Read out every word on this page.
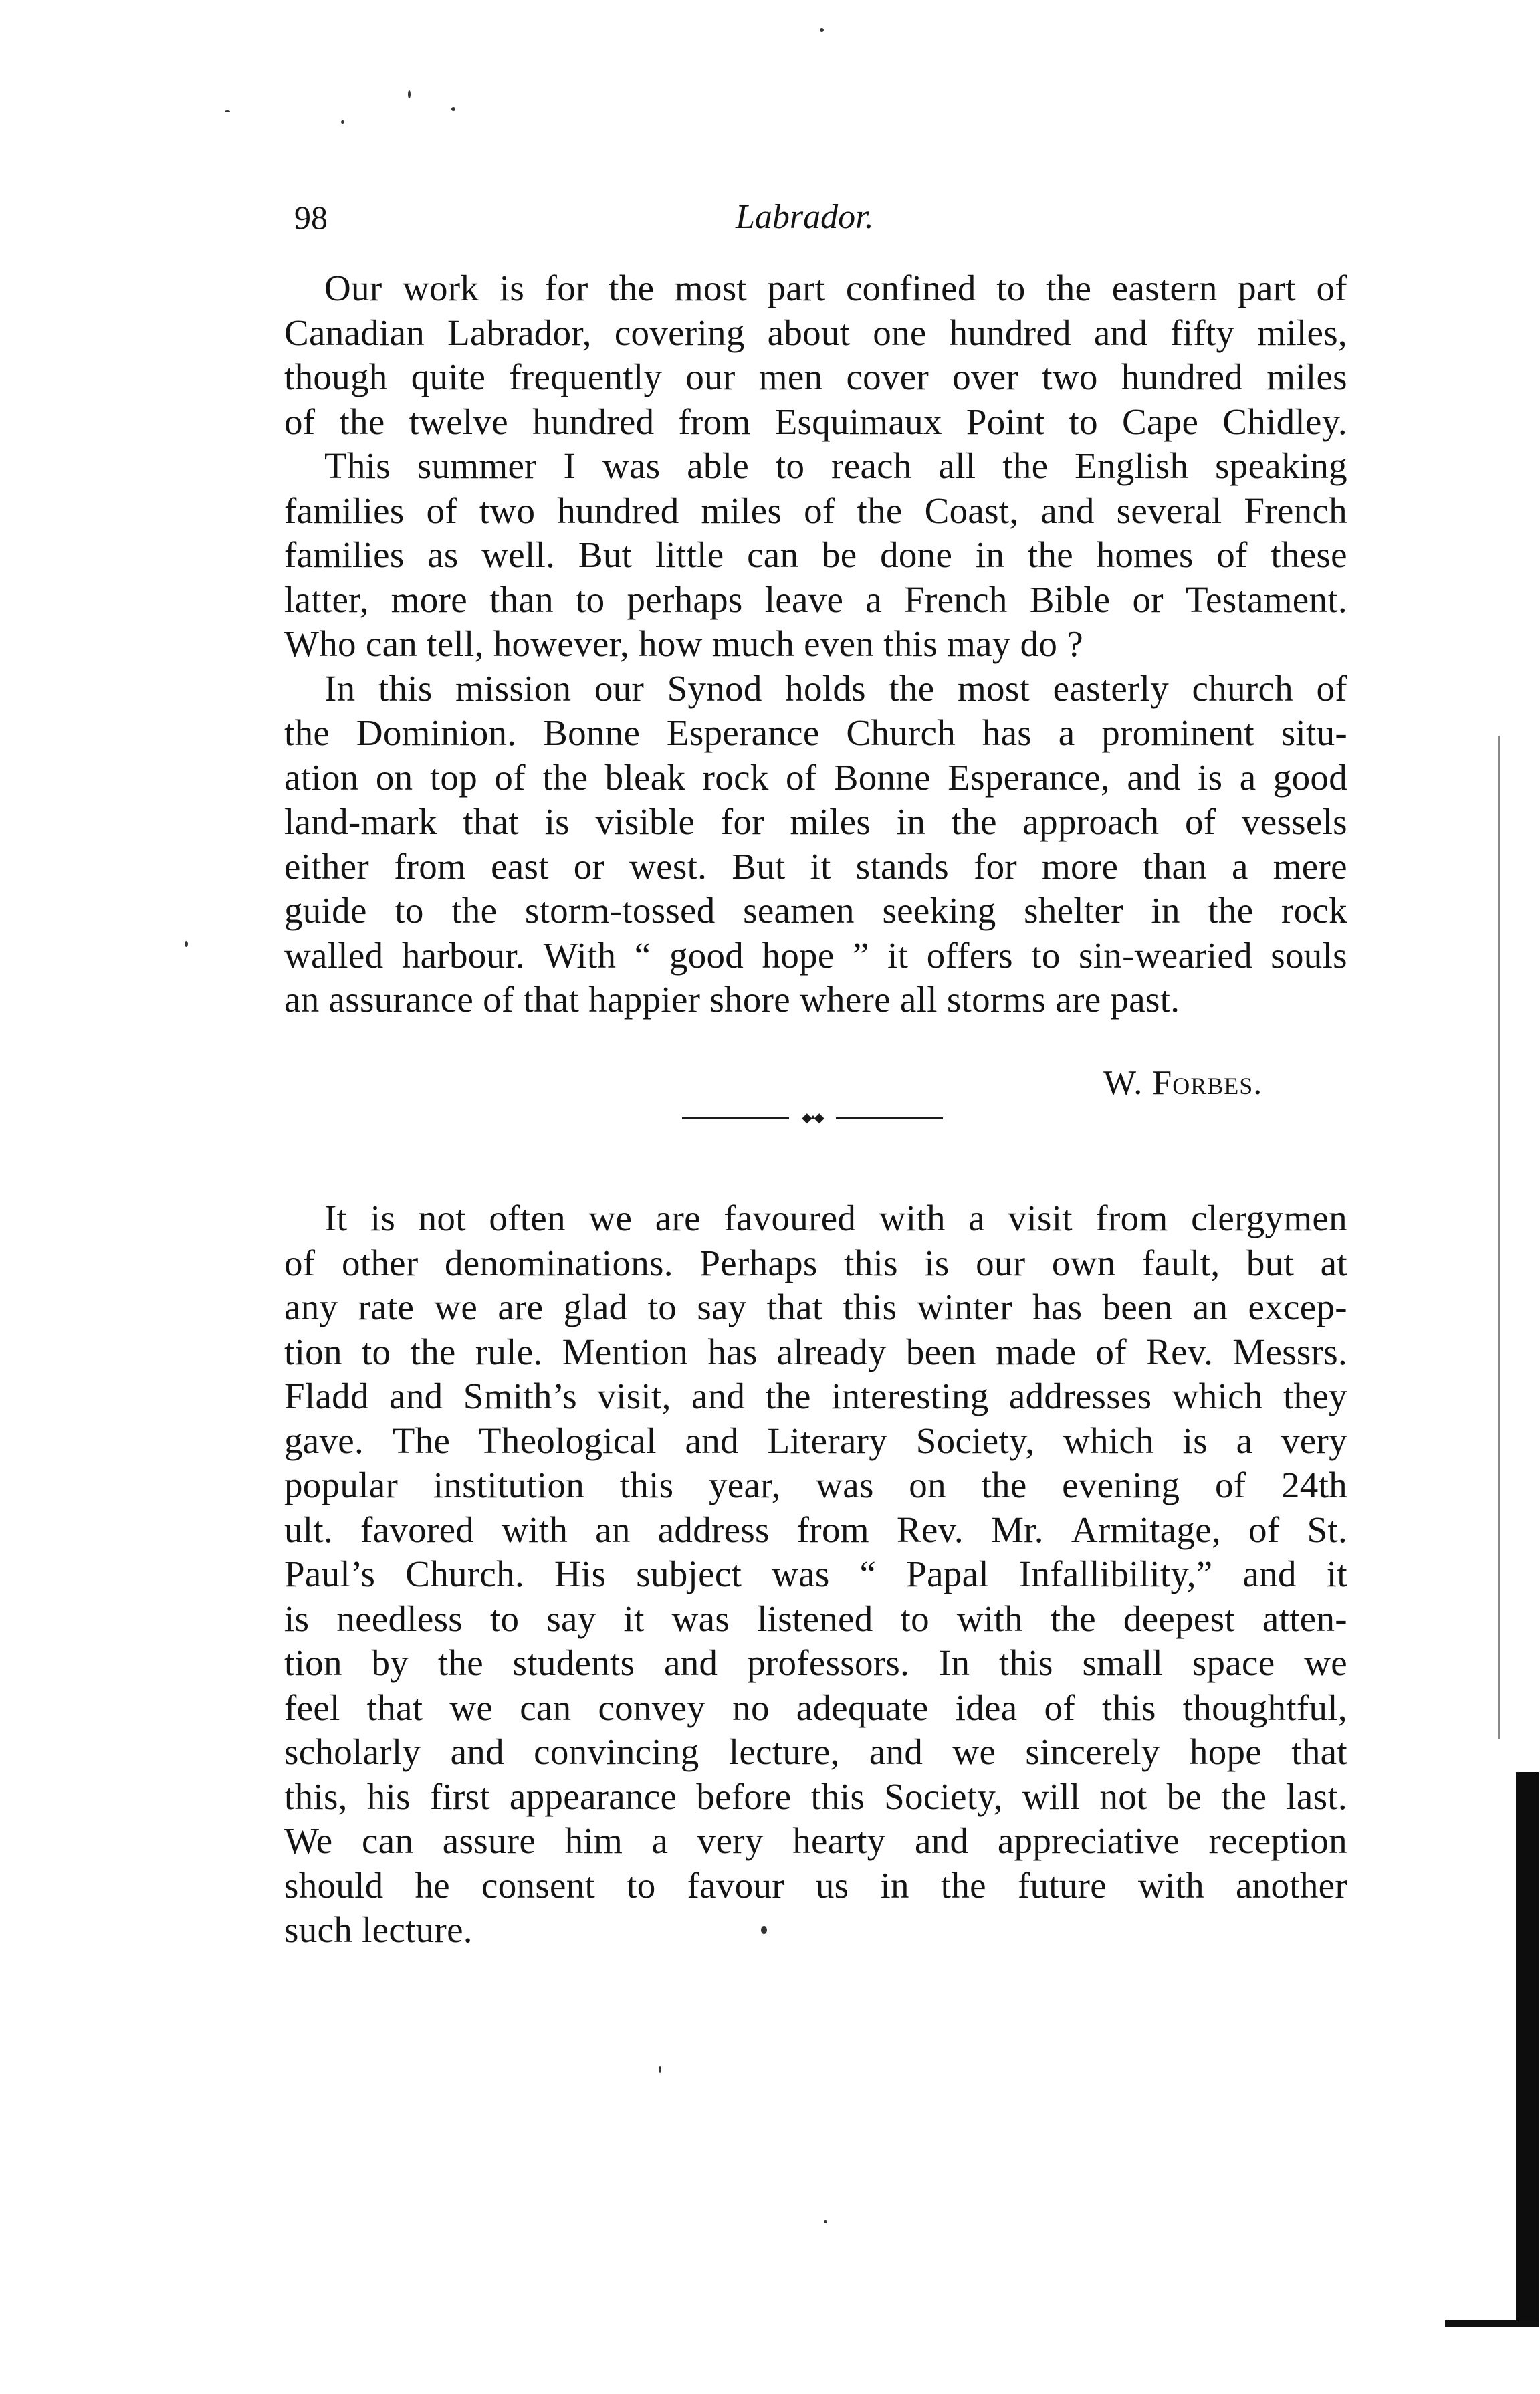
98	Labrador.
Our work is for the most part confined to the eastern part of
Canadian Labrador, covering about one hundred and fifty miles,
though quite frequently our men cover over two hundred miles
of the twelve hundred from Esquimaux Point to Cape Chidley.
This summer I was able to reach all the English speaking
families of two hundred miles of the Coast, and several French
families as well. But little can be done in the homes of these
latter, more than to perhaps leave a French Bible or Testament.
Who can tell, however, how much even this may do ?
In this mission our Synod holds the most easterly church of
the Dominion. Bonne Esperance Church has a prominent situ-
ation on top of the bleak rock of Bonne Esperance, and is a good
land-mark that is visible for miles in the approach of vessels
either from east or west. But it stands for more than a mere
guide to the storm-tossed seamen seeking shelter in the rock
walled harbour. With “ good hope ” it offers to sin-wearied souls
an assurance of that happier shore where all storms are past.
W. Forbes.
◆•◆
It is not often we are favoured with a visit from clergymen
of other denominations. Perhaps this is our own fault, but at
any rate we are glad to say that this winter has been an excep-
tion to the rule. Mention has already been made of Rev. Messrs.
Fladd and Smith’s visit, and the interesting addresses which they
gave. The Theological and Literary Society, which is a very
popular institution this year, was on the evening of 24th
ult. favored with an address from Rev. Mr. Armitage, of St.
Paul’s Church. His subject was “ Papal Infallibility,” and it
is needless to say it was listened to with the deepest atten-
tion by the students and professors. In this small space we
feel that we can convey no adequate idea of this thoughtful,
scholarly and convincing lecture, and we sincerely hope that
this, his first appearance before this Society, will not be the last.
We can assure him a very hearty and appreciative reception
should he consent to favour us in the future with another
such lecture.
